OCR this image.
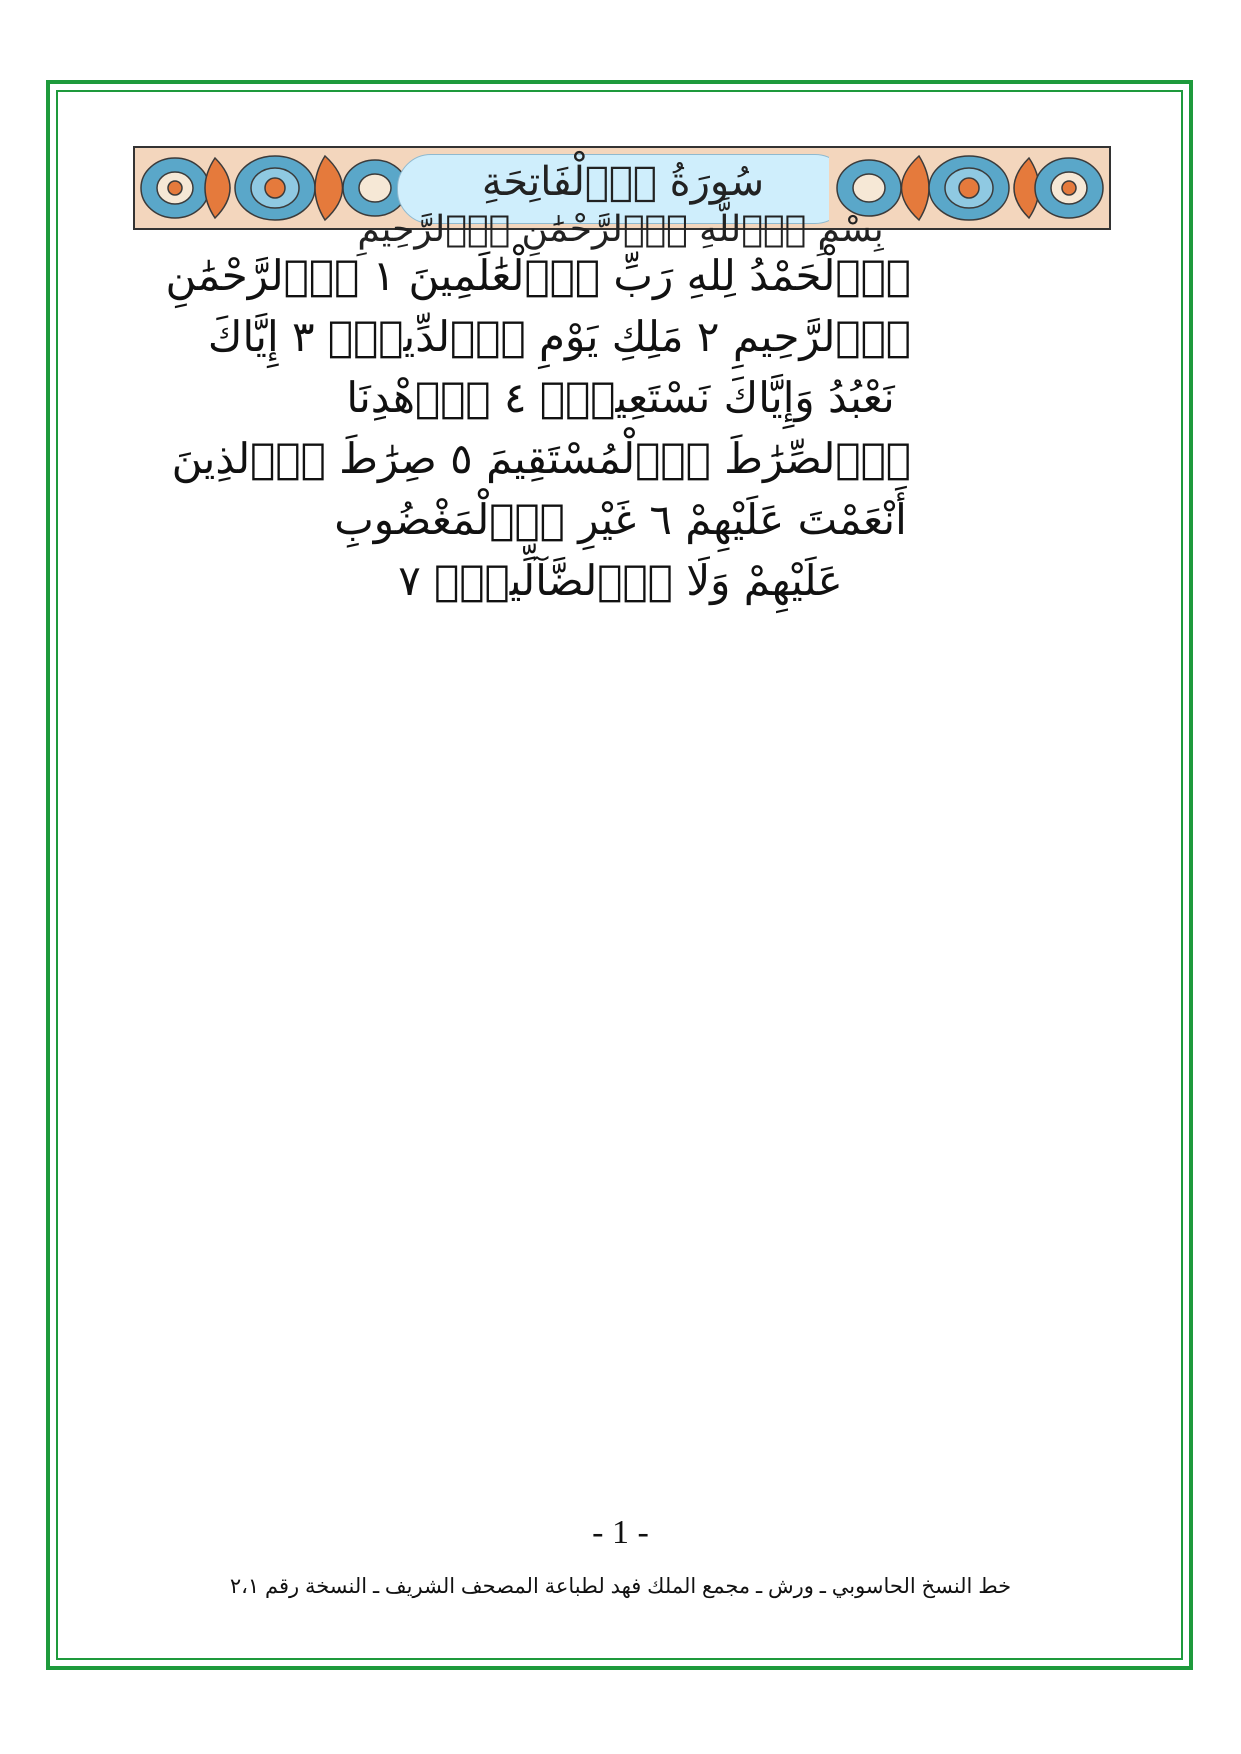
سُورَةُ اُ۬لْفَاتِحَةِ
بِسْمِ اِ۬للَّهِ اِ۬لرَّحْمَٰنِ اِ۬لرَّحِيمِ
اِ۬لْحَمْدُ لِلهِ رَبِّ اِ۬لْعَٰلَمِينَ ١ اَ۬لرَّحْمَٰنِ
اِ۬لرَّحِيمِ ٢ مَلِكِ يَوْمِ اِ۬لدِّينِۖ ٣ إِيَّاكَ
نَعْبُدُ وَإِيَّاكَ نَسْتَعِينُۖ ٤ اُ۪هْدِنَا
اَ۬لصِّرَٰطَ اَ۬لْمُسْتَقِيمَ ٥ صِرَٰطَ اَ۬لذِينَ
أَنْعَمْتَ عَلَيْهِمْ ٦ غَيْرِ اِ۬لْمَغْضُوبِ
عَلَيْهِمْ وَلَا اَ۬لضَّآلِّينَۖ ٧
- 1 -
خط النسخ الحاسوبي ـ ورش ـ مجمع الملك فهد لطباعة المصحف الشريف ـ النسخة رقم ٢،١
